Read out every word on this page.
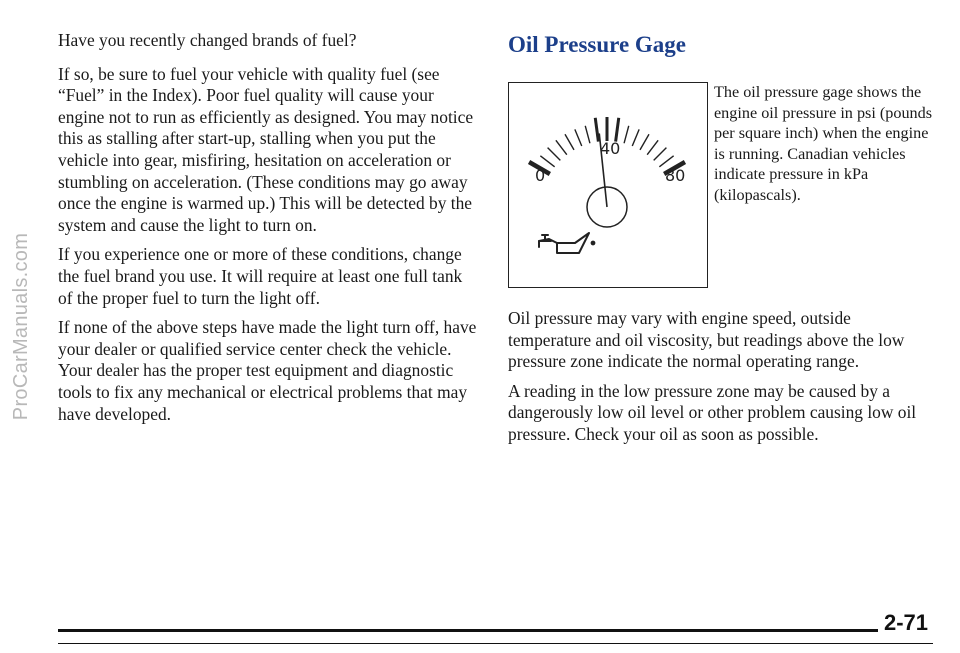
ProCarManuals.com

Have you recently changed brands of fuel?

If so, be sure to fuel your vehicle with quality fuel (see “Fuel” in the Index). Poor fuel quality will cause your engine not to run as efficiently as designed. You may notice this as stalling after start-up, stalling when you put the vehicle into gear, misfiring, hesitation on acceleration or stumbling on acceleration. (These conditions may go away once the engine is warmed up.) This will be detected by the system and cause the light to turn on.

If you experience one or more of these conditions, change the fuel brand you use. It will require at least one full tank of the proper fuel to turn the light off.

If none of the above steps have made the light turn off, have your dealer or qualified service center check the vehicle. Your dealer has the proper test equipment and diagnostic tools to fix any mechanical or electrical problems that may have developed.

Oil Pressure Gage
0
40
80

The oil pressure gage shows the engine oil pressure in psi (pounds per square inch) when the engine is running. Canadian vehicles indicate pressure in kPa (kilopascals).

Oil pressure may vary with engine speed, outside temperature and oil viscosity, but readings above the low pressure zone indicate the normal operating range.

A reading in the low pressure zone may be caused by a dangerously low oil level or other problem causing low oil pressure. Check your oil as soon as possible.

2-71
